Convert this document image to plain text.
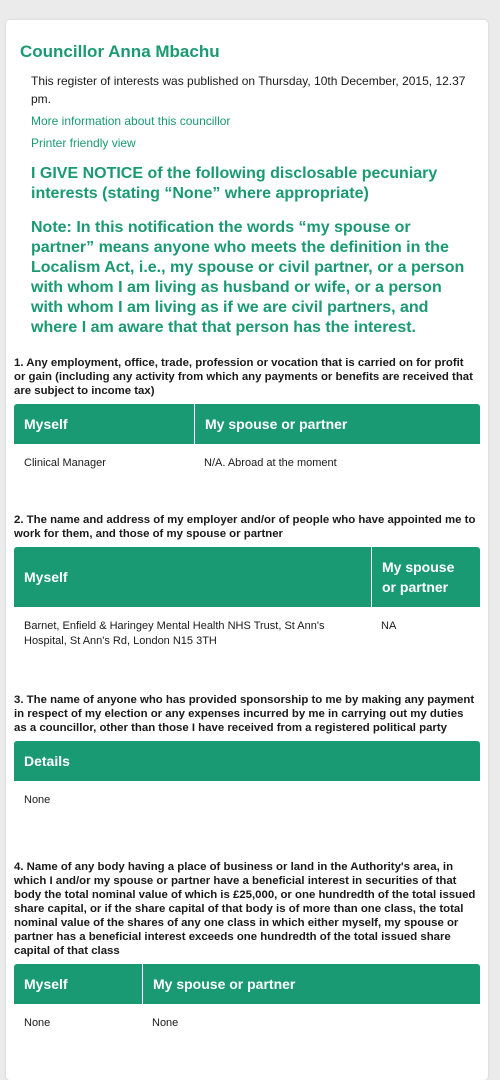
Councillor Anna Mbachu

This register of interests was published on Thursday, 10th December, 2015, 12.37 pm.

More information about this councillor
Printer friendly view

I GIVE NOTICE of the following disclosable pecuniary interests (stating “None” where appropriate)

Note: In this notification the words “my spouse or partner” means anyone who meets the definition in the Localism Act, i.e., my spouse or civil partner, or a person with whom I am living as husband or wife, or a person with whom I am living as if we are civil partners, and where I am aware that that person has the interest.

1. Any employment, office, trade, profession or vocation that is carried on for profit or gain (including any activity from which any payments or benefits are received that are subject to income tax)
Myself	My spouse or partner
Clinical Manager	N/A. Abroad at the moment
2. The name and address of my employer and/or of people who have appointed me to work for them, and those of my spouse or partner
Myself	My spouse or partner
Barnet, Enfield & Haringey Mental Health NHS Trust, St Ann's Hospital, St Ann's Rd, London N15 3TH	NA
3. The name of anyone who has provided sponsorship to me by making any payment in respect of my election or any expenses incurred by me in carrying out my duties as a councillor, other than those I have received from a registered political party
Details
None
4. Name of any body having a place of business or land in the Authority's area, in which I and/or my spouse or partner have a beneficial interest in securities of that body the total nominal value of which is £25,000, or one hundredth of the total issued share capital, or if the share capital of that body is of more than one class, the total nominal value of the shares of any one class in which either myself, my spouse or partner has a beneficial interest exceeds one hundredth of the total issued share capital of that class
Myself	My spouse or partner
None	None
